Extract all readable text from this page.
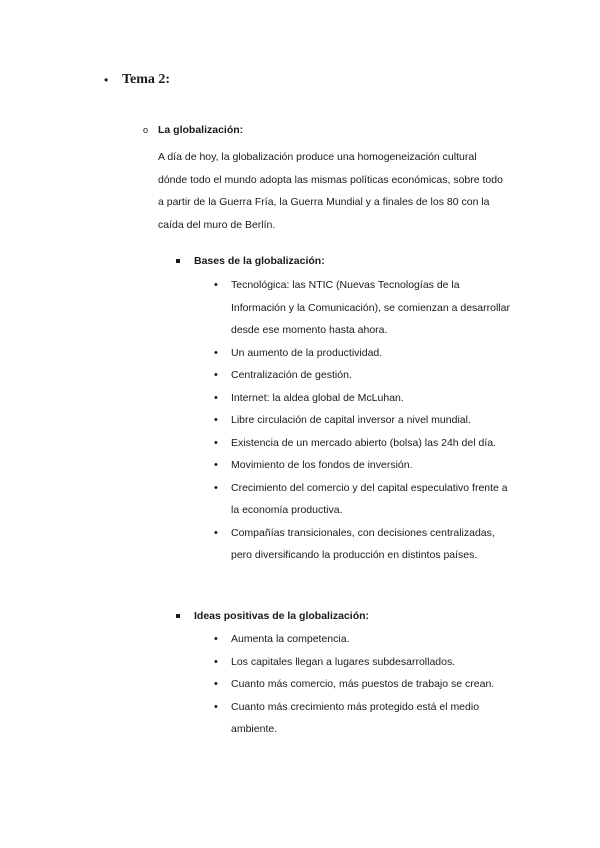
• Tema 2:
o La globalización:
A día de hoy, la globalización produce una homogeneización cultural dónde todo el mundo adopta las mismas políticas económicas, sobre todo a partir de la Guerra Fría, la Guerra Mundial y a finales de los 80 con la caída del muro de Berlín.
Bases de la globalización:
• Tecnológica: las NTIC (Nuevas Tecnologías de la Información y la Comunicación), se comienzan a desarrollar desde ese momento hasta ahora.
• Un aumento de la productividad.
• Centralización de gestión.
• Internet: la aldea global de McLuhan.
• Libre circulación de capital inversor a nivel mundial.
• Existencia de un mercado abierto (bolsa) las 24h del día.
• Movimiento de los fondos de inversión.
• Crecimiento del comercio y del capital especulativo frente a la economía productiva.
• Compañías transicionales, con decisiones centralizadas, pero diversificando la producción en distintos países.
Ideas positivas de la globalización:
• Aumenta la competencia.
• Los capitales llegan a lugares subdesarrollados.
• Cuanto más comercio, más puestos de trabajo se crean.
• Cuanto más crecimiento más protegido está el medio ambiente.
